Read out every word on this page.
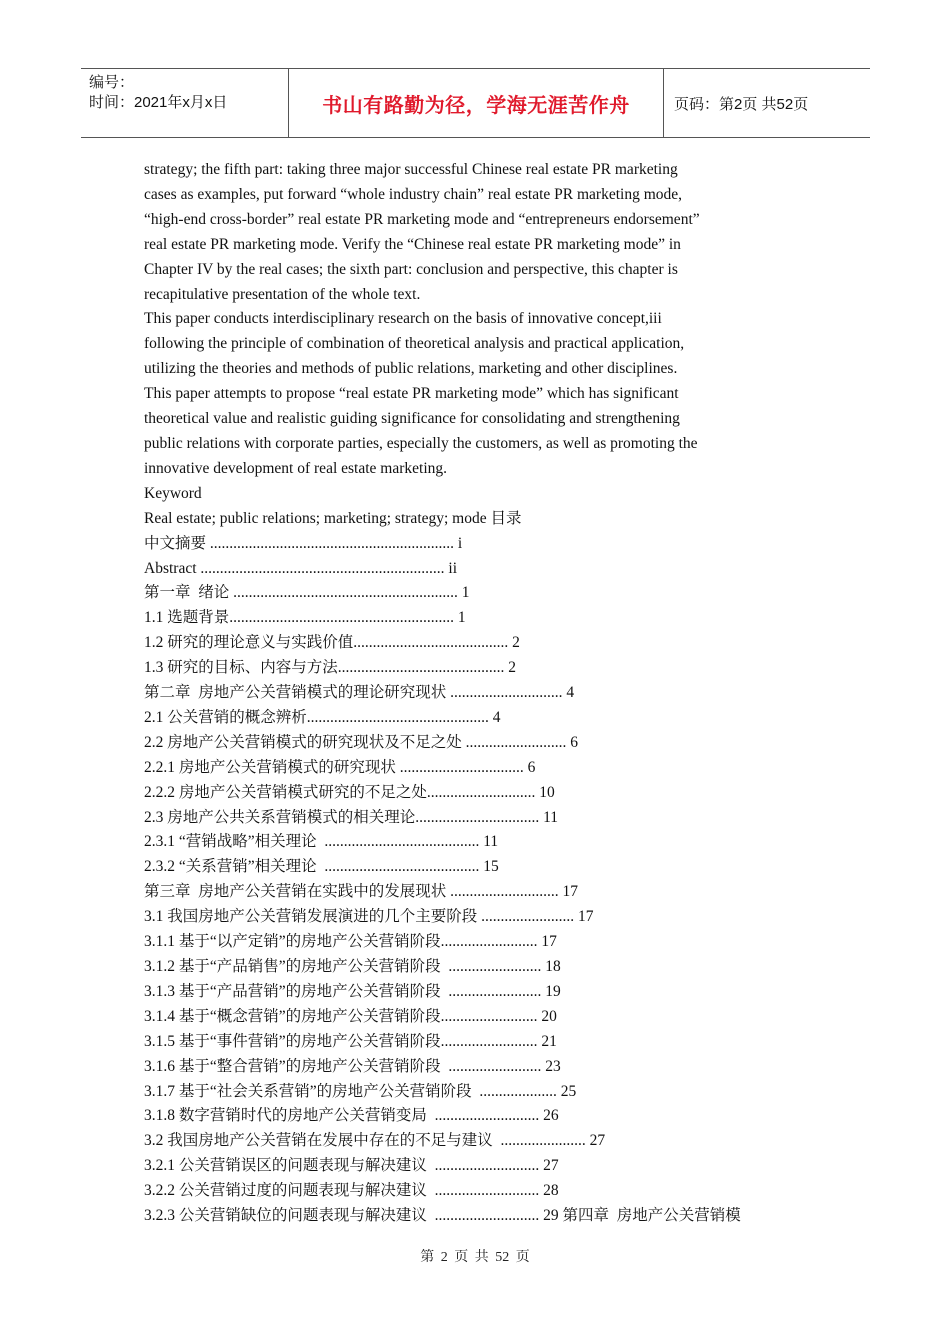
编号：
时间：2021年x月x日	书山有路勤为径，学海无涯苦作舟	页码：第2页 共52页

strategy; the fifth part: taking three major successful Chinese real estate PR marketing

cases as examples, put forward “whole industry chain” real estate PR marketing mode,

“high-end cross-border” real estate PR marketing mode and “entrepreneurs endorsement”

real estate PR marketing mode. Verify the “Chinese real estate PR marketing mode” in

Chapter IV by the real cases; the sixth part: conclusion and perspective, this chapter is

recapitulative presentation of the whole text.

This paper conducts interdisciplinary research on the basis of innovative concept,iii

following the principle of combination of theoretical analysis and practical application,

utilizing the theories and methods of public relations, marketing and other disciplines.

This paper attempts to propose “real estate PR marketing mode” which has significant

theoretical value and realistic guiding significance for consolidating and strengthening

public relations with corporate parties, especially the customers, as well as promoting the

innovative development of real estate marketing.

Keyword

Real estate; public relations; marketing; strategy; mode 目录

中文摘要 ............................................................... i

Abstract ............................................................... ii

第一章  绪论 .......................................................... 1

1.1 选题背景.......................................................... 1

1.2 研究的理论意义与实践价值........................................ 2

1.3 研究的目标、内容与方法........................................... 2

第二章  房地产公关营销模式的理论研究现状 ............................. 4

2.1 公关营销的概念辨析............................................... 4

2.2 房地产公关营销模式的研究现状及不足之处 .......................... 6

2.2.1 房地产公关营销模式的研究现状 ................................ 6

2.2.2 房地产公关营销模式研究的不足之处............................ 10

2.3 房地产公共关系营销模式的相关理论................................ 11

2.3.1 “营销战略”相关理论  ........................................ 11

2.3.2 “关系营销”相关理论  ........................................ 15

第三章  房地产公关营销在实践中的发展现状 ............................ 17

3.1 我国房地产公关营销发展演进的几个主要阶段 ........................ 17

3.1.1 基于“以产定销”的房地产公关营销阶段......................... 17

3.1.2 基于“产品销售”的房地产公关营销阶段  ........................ 18

3.1.3 基于“产品营销”的房地产公关营销阶段  ........................ 19

3.1.4 基于“概念营销”的房地产公关营销阶段......................... 20

3.1.5 基于“事件营销”的房地产公关营销阶段......................... 21

3.1.6 基于“整合营销”的房地产公关营销阶段  ........................ 23

3.1.7 基于“社会关系营销”的房地产公关营销阶段  .................... 25

3.1.8 数字营销时代的房地产公关营销变局  ........................... 26

3.2 我国房地产公关营销在发展中存在的不足与建议  ...................... 27

3.2.1 公关营销误区的问题表现与解决建议  ........................... 27

3.2.2 公关营销过度的问题表现与解决建议  ........................... 28

3.2.3 公关营销缺位的问题表现与解决建议  ........................... 29 第四章  房地产公关营销模

第 2 页 共 52 页
